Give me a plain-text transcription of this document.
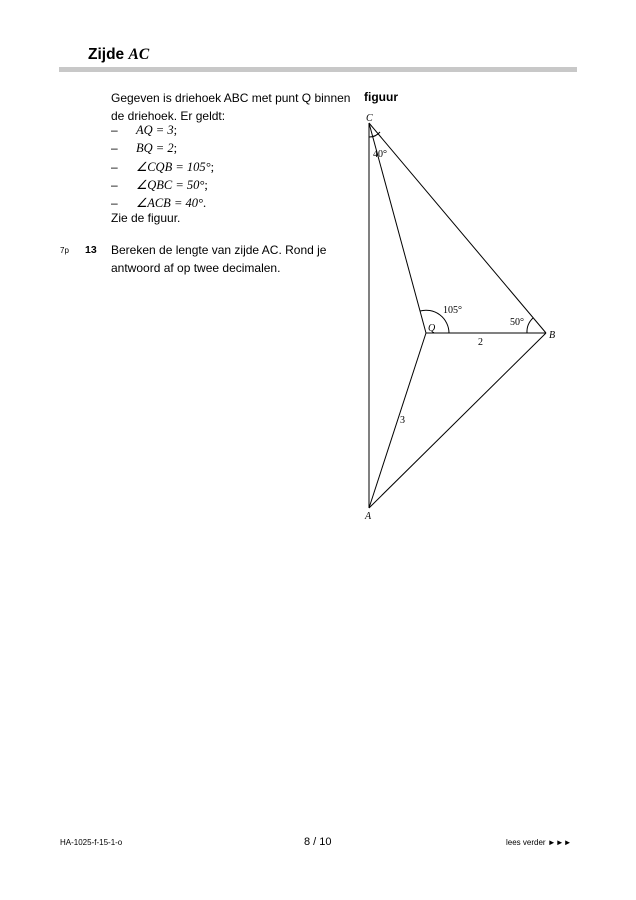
Zijde AC
Gegeven is driehoek ABC met punt Q binnen de driehoek. Er geldt:
– AQ = 3;
– BQ = 2;
– ∠CQB = 105°;
– ∠QBC = 50°;
– ∠ACB = 40°.
Zie de figuur.
7p 13 Bereken de lengte van zijde AC. Rond je antwoord af op twee decimalen.
figuur
C
A
B
Q
40°
105°
50°
2
3
HA-1025-f-15-1-o	8 / 10	lees verder ►►►
